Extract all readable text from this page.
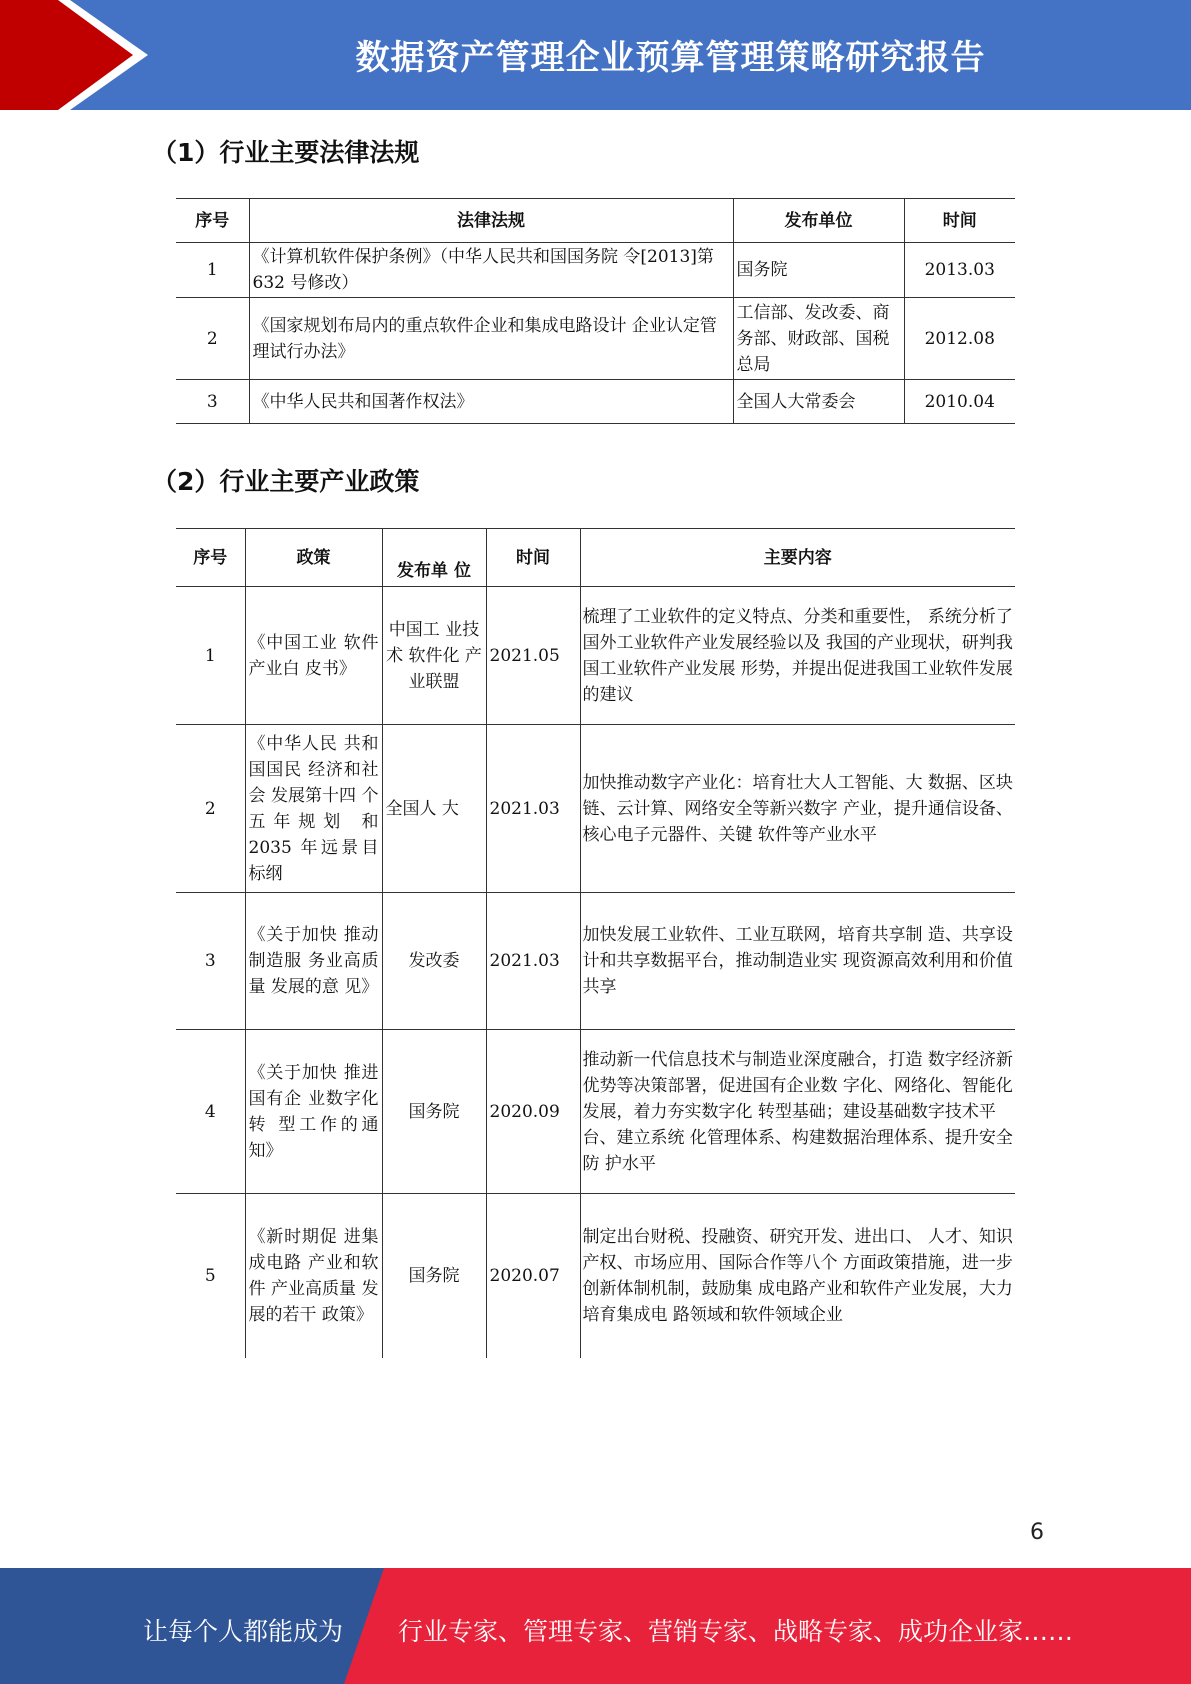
数据资产管理企业预算管理策略研究报告
（1）行业主要法律法规
序号	法律法规	发布单位	时间
1	《计算机软件保护条例》（中华人民共和国国务院 令[2013]第 632 号修改）	国务院	2013.03
2	《国家规划布局内的重点软件企业和集成电路设计 企业认定管理试行办法》	工信部、发改委、商务部、财政部、国税总局	2012.08
3	《中华人民共和国著作权法》	全国人大常委会	2010.04
（2）行业主要产业政策
序号	政策	发布单 位	时间	主要内容
1	《中国工业 软件产业白 皮书》	中国工 业技术 软件化 产业联盟	2021.05	梳理了工业软件的定义特点、分类和重要性， 系统分析了国外工业软件产业发展经验以及 我国的产业现状，研判我国工业软件产业发展 形势，并提出促进我国工业软件发展的建议
2	《中华人民 共和国国民 经济和社会 发展第十四 个五年规划 和 2035 年远景目标纲	全国人 大	2021.03	加快推动数字产业化：培育壮大人工智能、大 数据、区块链、云计算、网络安全等新兴数字 产业，提升通信设备、核心电子元器件、关键 软件等产业水平
3	《关于加快 推动制造服 务业高质量 发展的意 见》	发改委	2021.03	加快发展工业软件、工业互联网，培育共享制 造、共享设计和共享数据平台，推动制造业实 现资源高效利用和价值共享
4	《关于加快 推进国有企 业数字化转 型工作的通 知》	国务院	2020.09	推动新一代信息技术与制造业深度融合，打造 数字经济新优势等决策部署，促进国有企业数 字化、网络化、智能化发展，着力夯实数字化 转型基础；建设基础数字技术平台、建立系统 化管理体系、构建数据治理体系、提升安全防 护水平
5	《新时期促 进集成电路 产业和软件 产业高质量 发展的若干 政策》	国务院	2020.07	制定出台财税、投融资、研究开发、进出口、 人才、知识产权、市场应用、国际合作等八个 方面政策措施，进一步创新体制机制，鼓励集 成电路产业和软件产业发展，大力培育集成电 路领域和软件领域企业
6
让每个人都能成为 行业专家、管理专家、营销专家、战略专家、成功企业家……
